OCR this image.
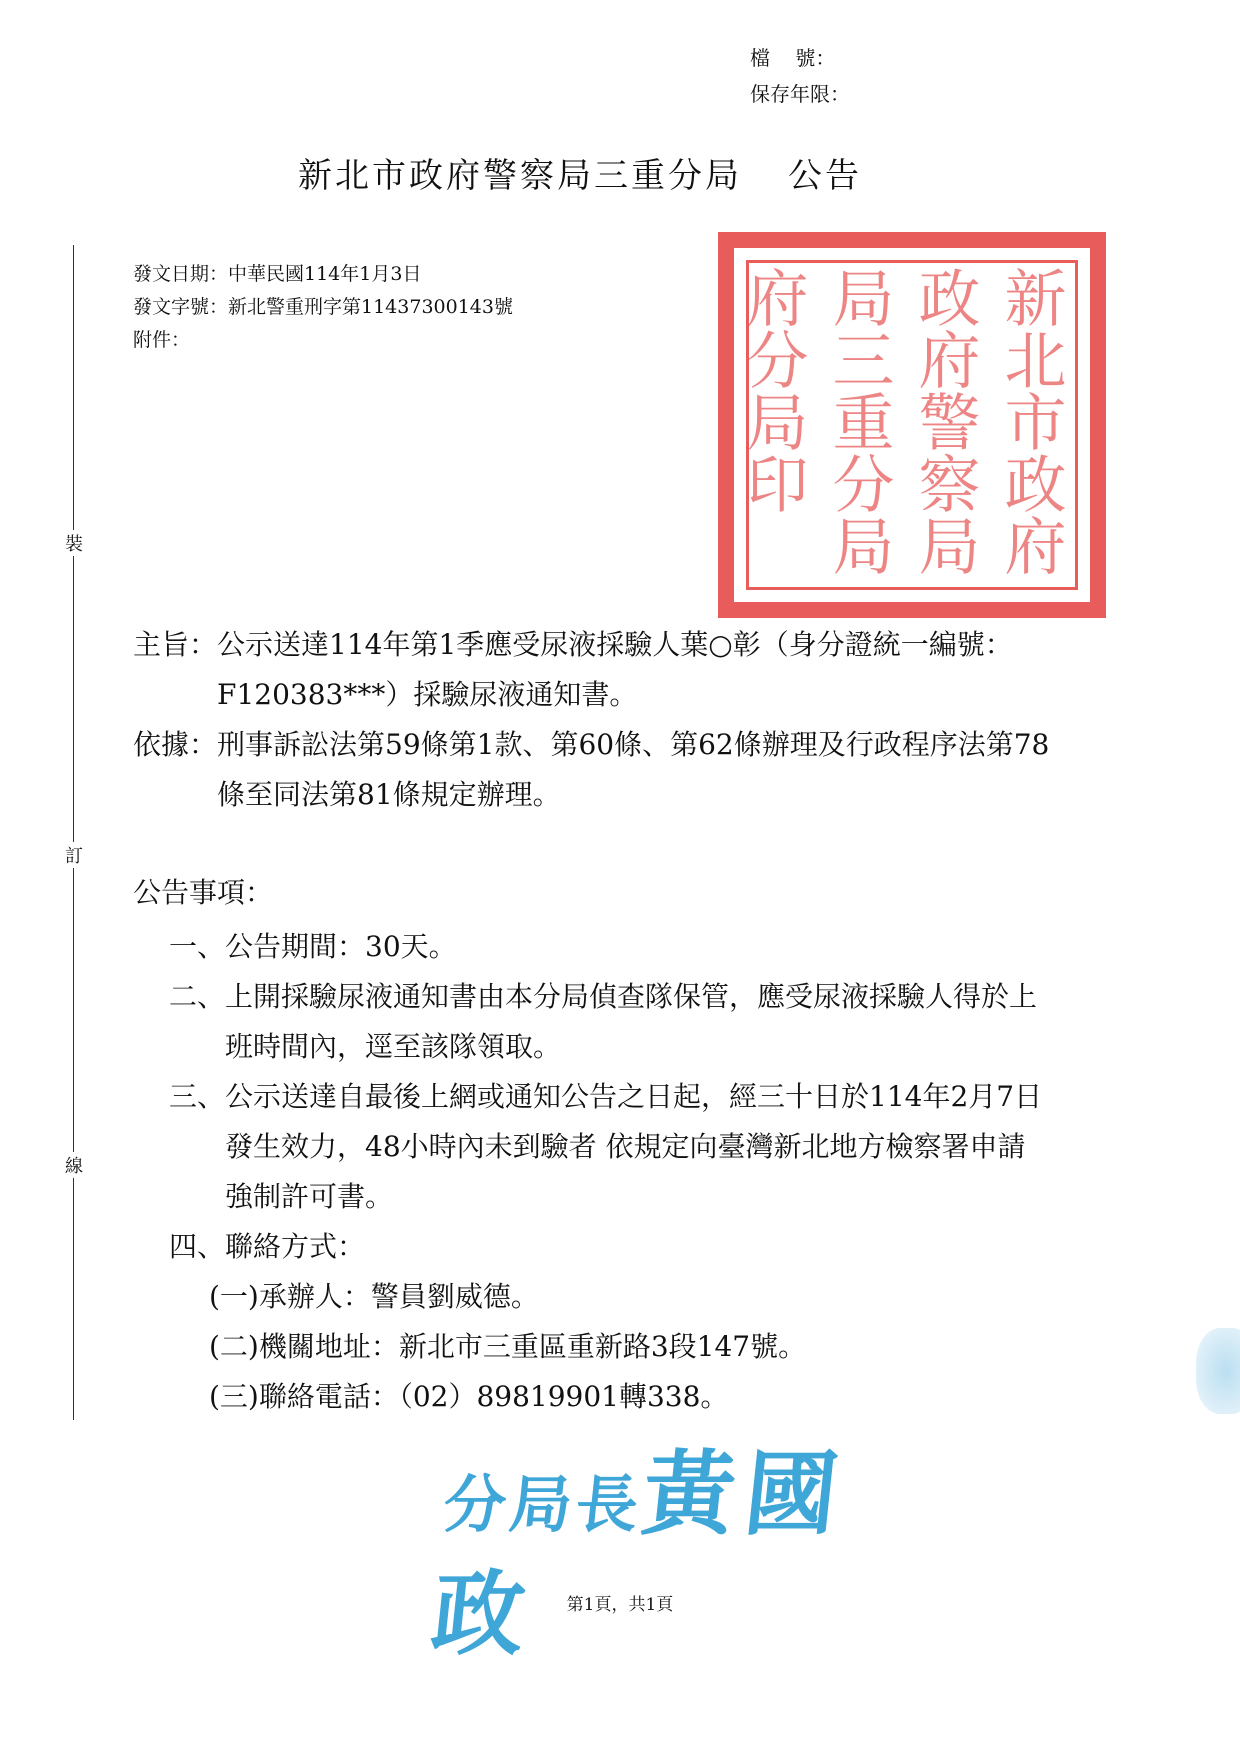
檔    號：
保存年限：
新北市政府警察局三重分局 公告
裝
訂
線
發文日期：中華民國114年1月3日
發文字號：新北警重刑字第11437300143號
附件：	新北市政府
政府警察局
局三重分局
府分局印
主旨： 公示送達114年第1季應受尿液採驗人葉○彰（身分證統一編號：F120383***）採驗尿液通知書。
依據： 刑事訴訟法第59條第1款、第60條、第62條辦理及行政程序法第78條至同法第81條規定辦理。
公告事項：
一、 公告期間：30天。
二、 上開採驗尿液通知書由本分局偵查隊保管，應受尿液採驗人得於上班時間內，逕至該隊領取。
三、 公示送達自最後上網或通知公告之日起，經三十日於114年2月7日發生效力，48小時內未到驗者 依規定向臺灣新北地方檢察署申請強制許可書。
四、 聯絡方式：
(一)承辦人：警員劉威德。
(二)機關地址：新北市三重區重新路3段147號。
(三)聯絡電話：（02）89819901轉338。
分局長黃國政	第1頁，共1頁
